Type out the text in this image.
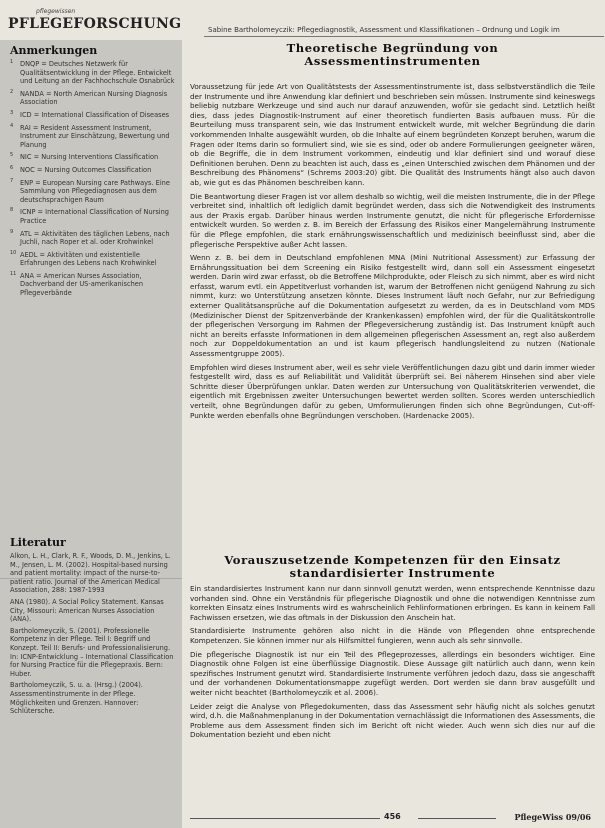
pflegewissen
PFLEGEFORSCHUNG	Sabine Bartholomeyczik: Pflegediagnostik, Assessment und Klassifikationen – Ordnung und Logik im
Anmerkungen
1 DNQP = Deutsches Netzwerk für Qualitätsentwicklung in der Pflege. Entwickelt und Leitung an der Fachhochschule Osnabrück
2 NANDA = North American Nursing Diagnosis Association
3 ICD = International Classification of Diseases
4 RAI = Resident Assessment Instrument, Instrument zur Einschätzung, Bewertung und Planung
5 NIC = Nursing Interventions Classification
6 NOC = Nursing Outcomes Classification
7 ENP = European Nursing care Pathways. Eine Sammlung von Pflegediagnosen aus dem deutschsprachigen Raum
8 ICNP = International Classification of Nursing Practice
9 ATL = Aktivitäten des täglichen Lebens, nach Juchli, nach Roper et al. oder Krohwinkel
10 AEDL = Aktivitäten und existentielle Erfahrungen des Lebens nach Krohwinkel
11 ANA = American Nurses Association, Dachverband der US-amerikanischen Pflegeverbände
Literatur
Alkon, L. H., Clark, R. F., Woods, D. M., Jenkins, L. M., Jensen, L. M. (2002). Hospital-based nursing and patient mortality: impact of the nurse-to-patient ratio. Journal of the American Medical Association, 288: 1987-1993
ANA (1980). A Social Policy Statement. Kansas City, Missouri: American Nurses Association (ANA).
Bartholomeyczik, S. (2001). Professionelle Kompetenz in der Pflege. Teil I: Begriff und Konzept. Teil II: Berufs- und Professionalisierung. In: ICNP-Entwicklung – International Classification for Nursing Practice für die Pflegepraxis. Bern: Huber.
Bartholomeyczik, S. u. a. (Hrsg.) (2004). Assessmentinstrumente in der Pflege. Möglichkeiten und Grenzen. Hannover: Schlütersche.

Theoretische Begründung von

Assessmentinstrumenten

Voraussetzung für jede Art von Qualitätstests der Assessmentinstrumente ist, dass selbstverständlich die Teile der Instrumente und ihre Anwendung klar definiert und beschrieben sein müssen. Instrumente sind keineswegs beliebig nutzbare Werkzeuge und sind auch nur darauf anzuwenden, wofür sie gedacht sind. Letztlich heißt dies, dass jedes Diagnostik-Instrument auf einer theoretisch fundierten Basis aufbauen muss. Für die Beurteilung muss transparent sein, wie das Instrument entwickelt wurde, mit welcher Begründung die darin vorkommenden Inhalte ausgewählt wurden, ob die Inhalte auf einem begründeten Konzept beruhen, warum die Fragen oder Items darin so formuliert sind, wie sie es sind, oder ob andere Formulierungen geeigneter wären, ob die Begriffe, die in dem Instrument vorkommen, eindeutig und klar definiert sind und worauf diese Definitionen beruhen. Denn zu beachten ist auch, dass es „einen Unterschied zwischen dem Phänomen und der Beschreibung des Phänomens“ (Schrems 2003:20) gibt. Die Qualität des Instruments hängt also auch davon ab, wie gut es das Phänomen beschreiben kann.

Die Beantwortung dieser Fragen ist vor allem deshalb so wichtig, weil die meisten Instrumente, die in der Pflege verbreitet sind, inhaltlich oft lediglich damit begründet werden, dass sich die Notwendigkeit des Instruments aus der Praxis ergab. Darüber hinaus werden Instrumente genutzt, die nicht für pflegerische Erfordernisse entwickelt wurden. So werden z. B. im Bereich der Erfassung des Risikos einer Mangelernährung Instrumente für die Pflege empfohlen, die stark ernährungswissenschaftlich und medizinisch beeinflusst sind, aber die pflegerische Perspektive außer Acht lassen.

Wenn z. B. bei dem in Deutschland empfohlenen MNA (Mini Nutritional Assessment) zur Erfassung der Ernährungssituation bei dem Screening ein Risiko festgestellt wird, dann soll ein Assessment eingesetzt werden. Darin wird zwar erfasst, ob die Betroffene Milchprodukte, oder Fleisch zu sich nimmt, aber es wird nicht erfasst, warum evtl. ein Appetitverlust vorhanden ist, warum der Betroffenen nicht genügend Nahrung zu sich nimmt, kurz: wo Unterstützung ansetzen könnte. Dieses Instrument läuft noch Gefahr, nur zur Befriedigung externer Qualitätsansprüche auf die Dokumentation aufgesetzt zu werden, da es in Deutschland vom MDS (Medizinischer Dienst der Spitzenverbände der Krankenkassen) empfohlen wird, der für die Qualitätskontrolle der pflegerischen Versorgung im Rahmen der Pflegeversicherung zuständig ist. Das Instrument knüpft auch nicht an bereits erfasste Informationen in dem allgemeinen pflegerischen Assessment an, regt also außerdem noch zur Doppeldokumentation an und ist kaum pflegerisch handlungsleitend zu nutzen (Nationale Assessmentgruppe 2005).

Empfohlen wird dieses Instrument aber, weil es sehr viele Veröffentlichungen dazu gibt und darin immer wieder festgestellt wird, dass es auf Reliabilität und Validität überprüft sei. Bei näherem Hinsehen sind aber viele Schritte dieser Überprüfungen unklar. Daten werden zur Untersuchung von Qualitätskriterien verwendet, die eigentlich mit Ergebnissen zweiter Untersuchungen bewertet werden sollten. Scores werden unterschiedlich verteilt, ohne Begründungen dafür zu geben, Umformulierungen finden sich ohne Begründungen, Cut-off-Punkte werden ebenfalls ohne Begründungen verschoben. (Hardenacke 2005).

Vorauszusetzende Kompetenzen für den Einsatz

standardisierter Instrumente

Ein standardisiertes Instrument kann nur dann sinnvoll genutzt werden, wenn entsprechende Kenntnisse dazu vorhanden sind. Ohne ein Verständnis für pflegerische Diagnostik und ohne die notwendigen Kenntnisse zum korrekten Einsatz eines Instruments wird es wahrscheinlich Fehlinformationen erbringen. Es kann in keinem Fall Fachwissen ersetzen, wie das oftmals in der Diskussion den Anschein hat.

Standardisierte Instrumente gehören also nicht in die Hände von Pflegenden ohne entsprechende Kompetenzen. Sie können immer nur als Hilfsmittel fungieren, wenn auch als sehr sinnvolle.

Die pflegerische Diagnostik ist nur ein Teil des Pflegeprozesses, allerdings ein besonders wichtiger. Eine Diagnostik ohne Folgen ist eine überflüssige Diagnostik. Diese Aussage gilt natürlich auch dann, wenn kein spezifisches Instrument genutzt wird. Standardisierte Instrumente verführen jedoch dazu, dass sie angeschafft und der vorhandenen Dokumentationsmappe zugefügt werden. Dort werden sie dann brav ausgefüllt und weiter nicht beachtet (Bartholomeyczik et al. 2006).

Leider zeigt die Analyse von Pflegedokumenten, dass das Assessment sehr häufig nicht als solches genutzt wird, d.h. die Maßnahmenplanung in der Dokumentation vernachlässigt die Informationen des Assessments, die Probleme aus dem Assessment finden sich im Bericht oft nicht wieder. Auch wenn sich dies nur auf die Dokumentation bezieht und eben nicht

456	PflegeWiss 09/06
